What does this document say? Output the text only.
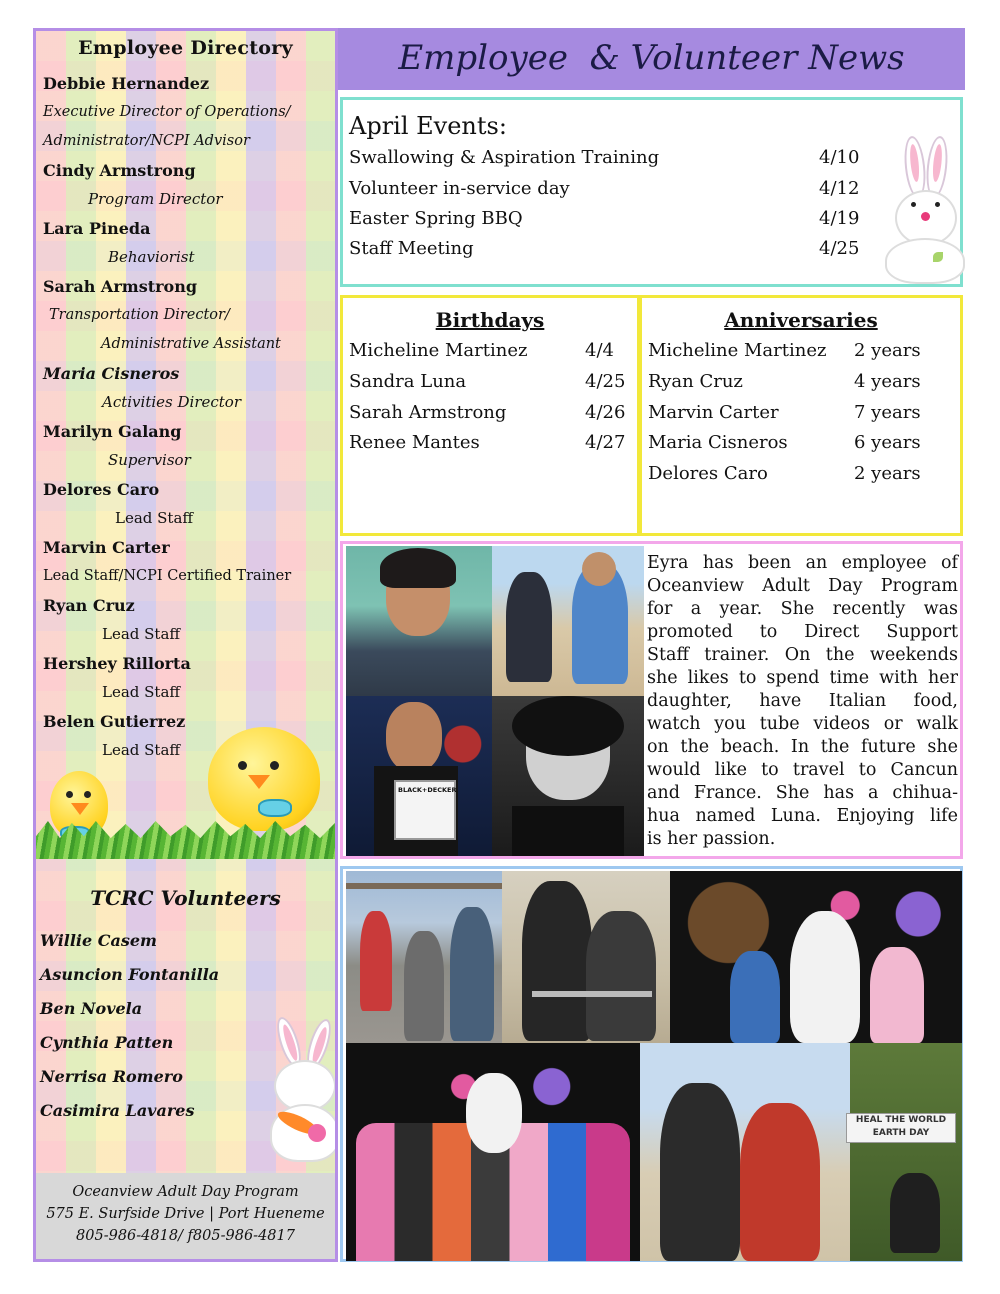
Employee Directory
Debbie Hernandez
Executive Director of Operations/
Administrator/NCPI Advisor
Cindy Armstrong
Program Director
Lara Pineda
Behaviorist
Sarah Armstrong
Transportation Director/
Administrative Assistant
Maria Cisneros
Activities Director
Marilyn Galang
Supervisor
Delores Caro
Lead Staff
Marvin Carter
Lead Staff/NCPI Certified Trainer
Ryan Cruz
Lead Staff
Hershey Rillorta
Lead Staff
Belen Gutierrez
Lead Staff
TCRC Volunteers
Willie Casem
Asuncion Fontanilla
Ben Novela
Cynthia Patten
Nerrisa Romero
Casimira Lavares
Oceanview Adult Day Program
575 E. Surfside Drive | Port Hueneme
805-986-4818/ f805-986-4817
Employee  & Volunteer News
April Events:
Swallowing & Aspiration Training	4/10
Volunteer in-service day	4/12
Easter Spring BBQ	4/19
Staff Meeting	4/25
Birthdays
Micheline Martinez	4/4
Sandra Luna	4/25
Sarah Armstrong	4/26
Renee Mantes	4/27
Anniversaries
Micheline Martinez 2 years
Ryan Cruz	4 years
Marvin Carter	7 years
Maria Cisneros	6 years
Delores Caro	2 years
BLACK+DECKER
Eyra has been an employee of
Oceanview Adult Day Program
for a year. She recently was
promoted to Direct Support
Staff trainer. On the weekends
she likes to spend time with her
daughter, have Italian food,
watch you tube videos or walk
on the beach. In the future she
would like to travel to Cancun
and France. She has a chihua-
hua named Luna. Enjoying life
is her passion.
HEAL THE WORLD EARTH DAY
